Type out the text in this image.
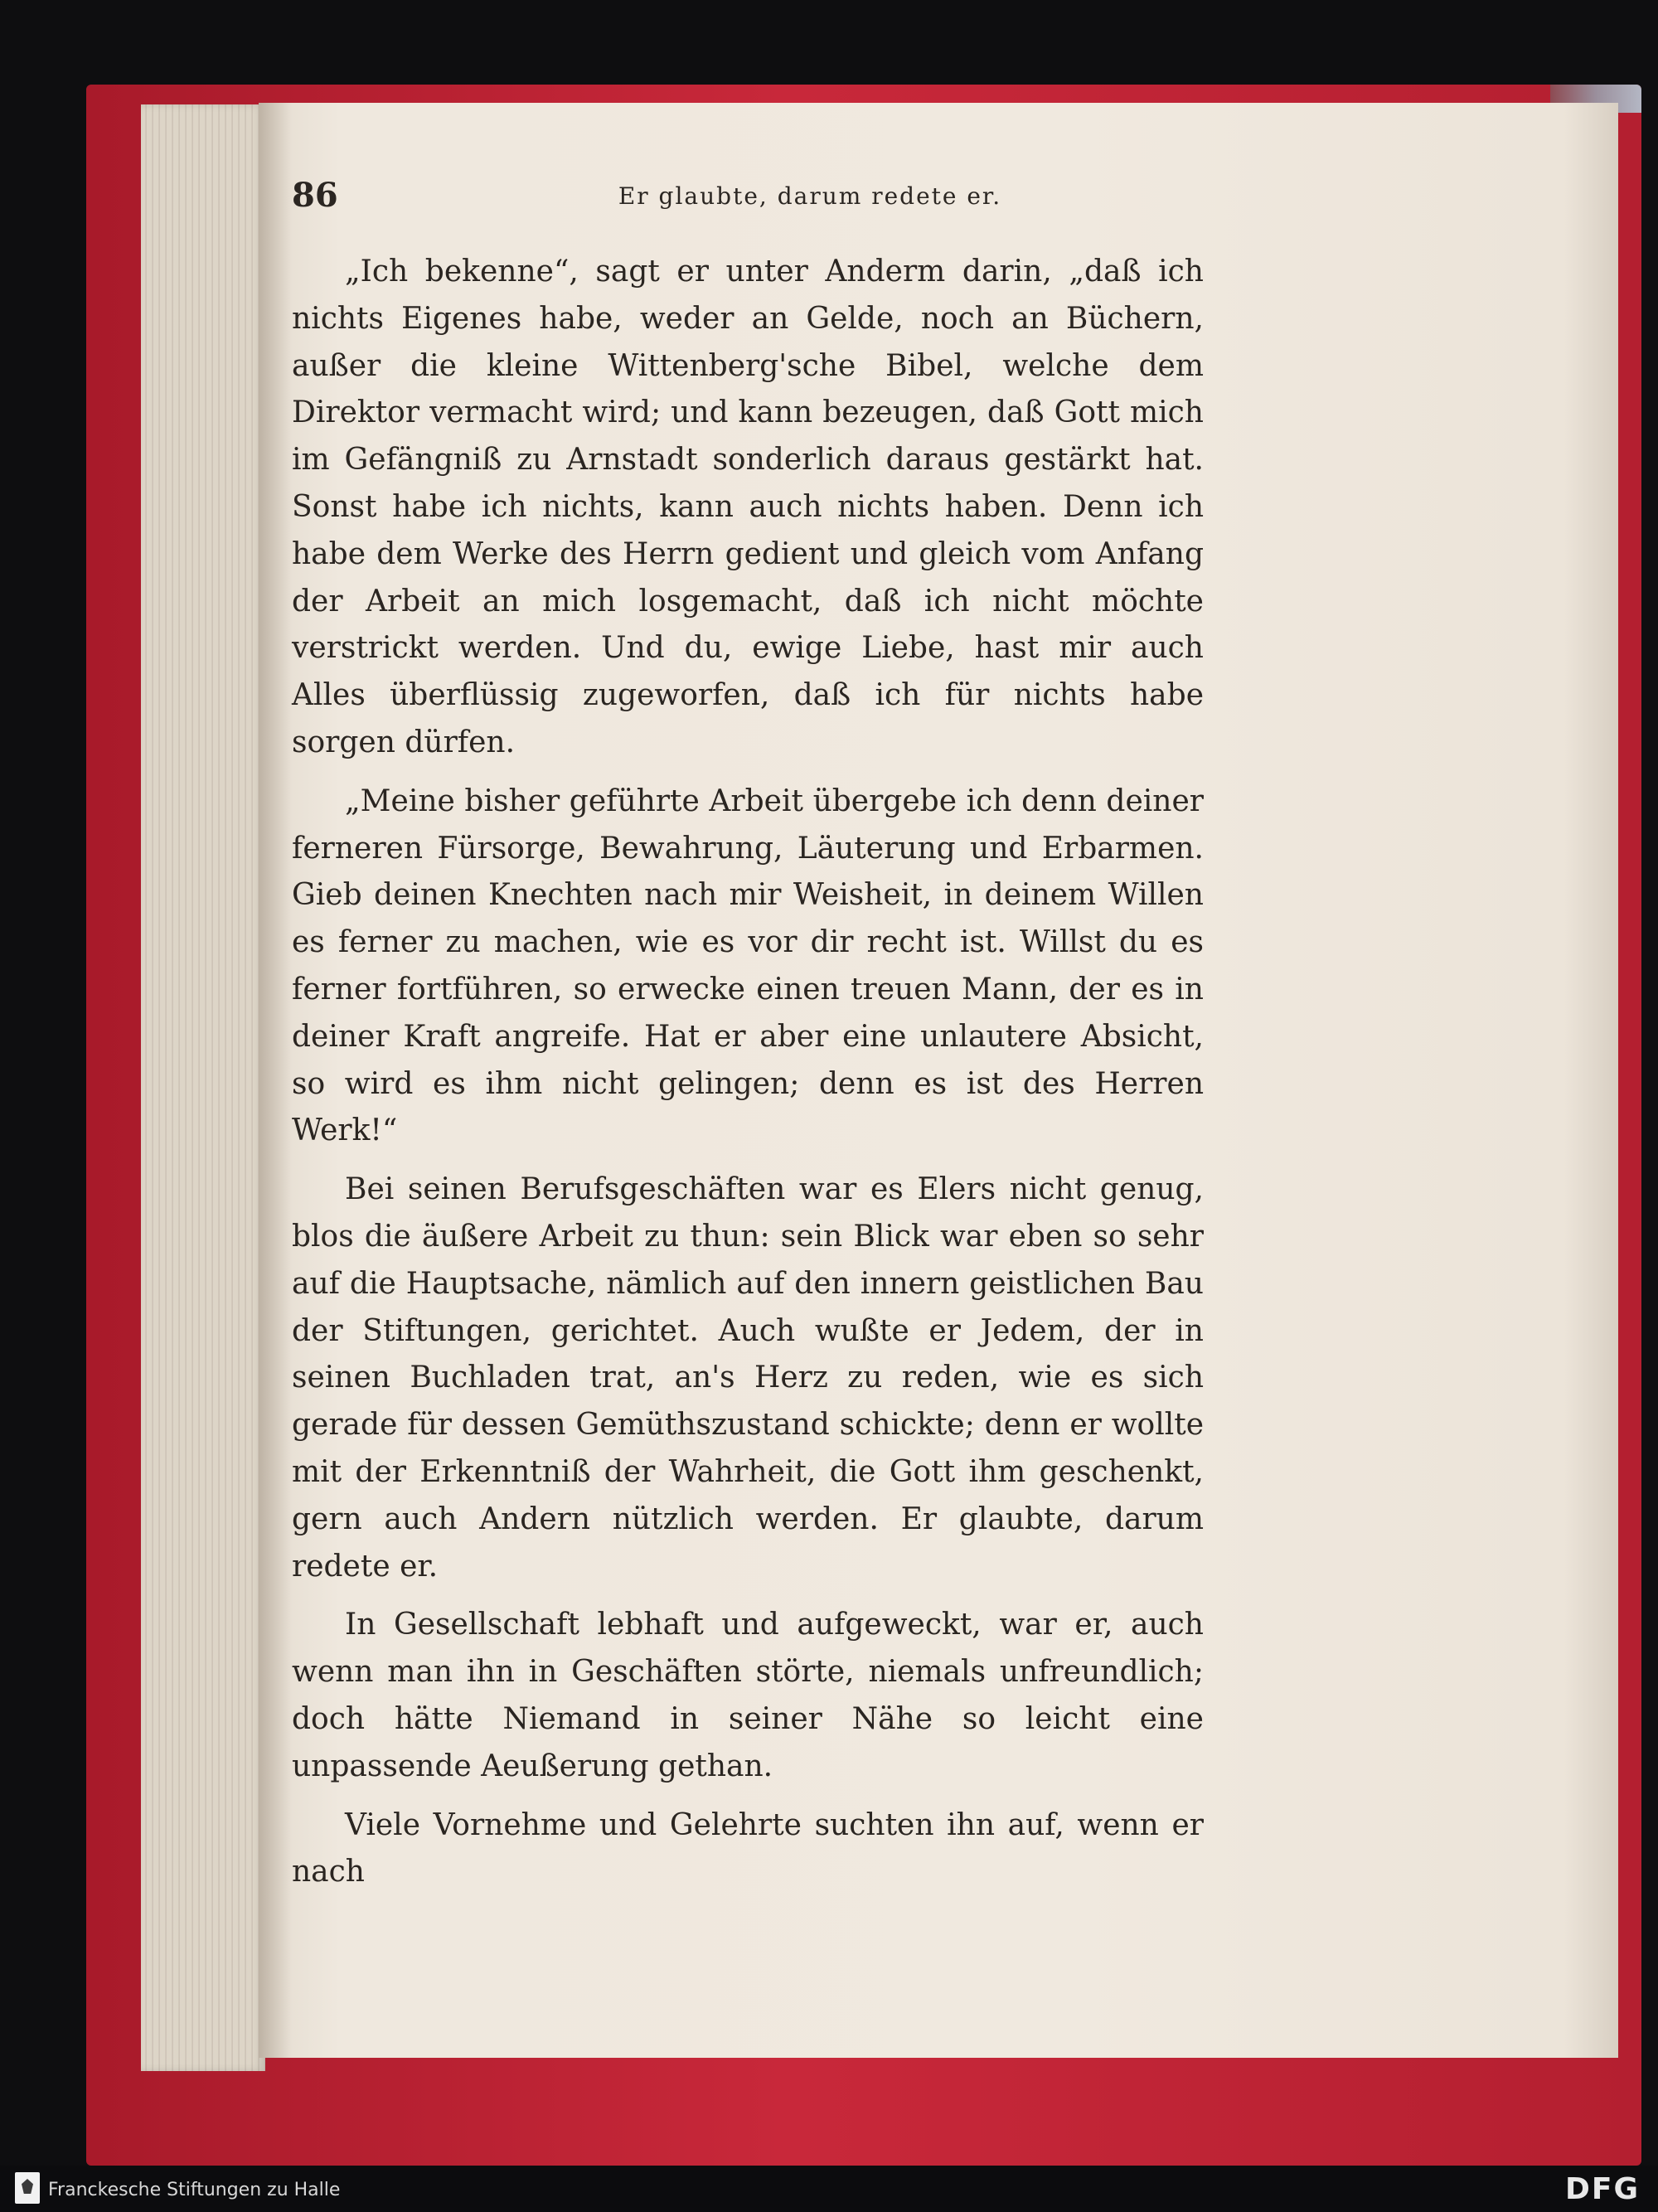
86	Er glaubte, darum redete er.

„Ich bekenne“, sagt er unter Anderm darin, „daß ich nichts Eigenes habe, weder an Gelde, noch an Büchern, außer die kleine Wittenberg'sche Bibel, welche dem Direktor vermacht wird; und kann bezeugen, daß Gott mich im Gefängniß zu Arnstadt sonderlich daraus gestärkt hat. Sonst habe ich nichts, kann auch nichts haben. Denn ich habe dem Werke des Herrn gedient und gleich vom Anfang der Arbeit an mich losgemacht, daß ich nicht möchte verstrickt werden. Und du, ewige Liebe, hast mir auch Alles überflüssig zugeworfen, daß ich für nichts habe sorgen dürfen.

„Meine bisher geführte Arbeit übergebe ich denn deiner ferneren Fürsorge, Bewahrung, Läuterung und Erbarmen. Gieb deinen Knechten nach mir Weisheit, in deinem Willen es ferner zu machen, wie es vor dir recht ist. Willst du es ferner fortführen, so erwecke einen treuen Mann, der es in deiner Kraft angreife. Hat er aber eine unlautere Absicht, so wird es ihm nicht gelingen; denn es ist des Herren Werk!“

Bei seinen Berufsgeschäften war es Elers nicht genug, blos die äußere Arbeit zu thun: sein Blick war eben so sehr auf die Hauptsache, nämlich auf den innern geistlichen Bau der Stiftungen, gerichtet. Auch wußte er Jedem, der in seinen Buchladen trat, an's Herz zu reden, wie es sich gerade für dessen Gemüthszustand schickte; denn er wollte mit der Erkenntniß der Wahrheit, die Gott ihm geschenkt, gern auch Andern nützlich werden. Er glaubte, darum redete er.

In Gesellschaft lebhaft und aufgeweckt, war er, auch wenn man ihn in Geschäften störte, niemals unfreundlich; doch hätte Niemand in seiner Nähe so leicht eine unpassende Aeußerung gethan.

Viele Vornehme und Gelehrte suchten ihn auf, wenn er nach

Franckesche Stiftungen zu Halle	DFG
